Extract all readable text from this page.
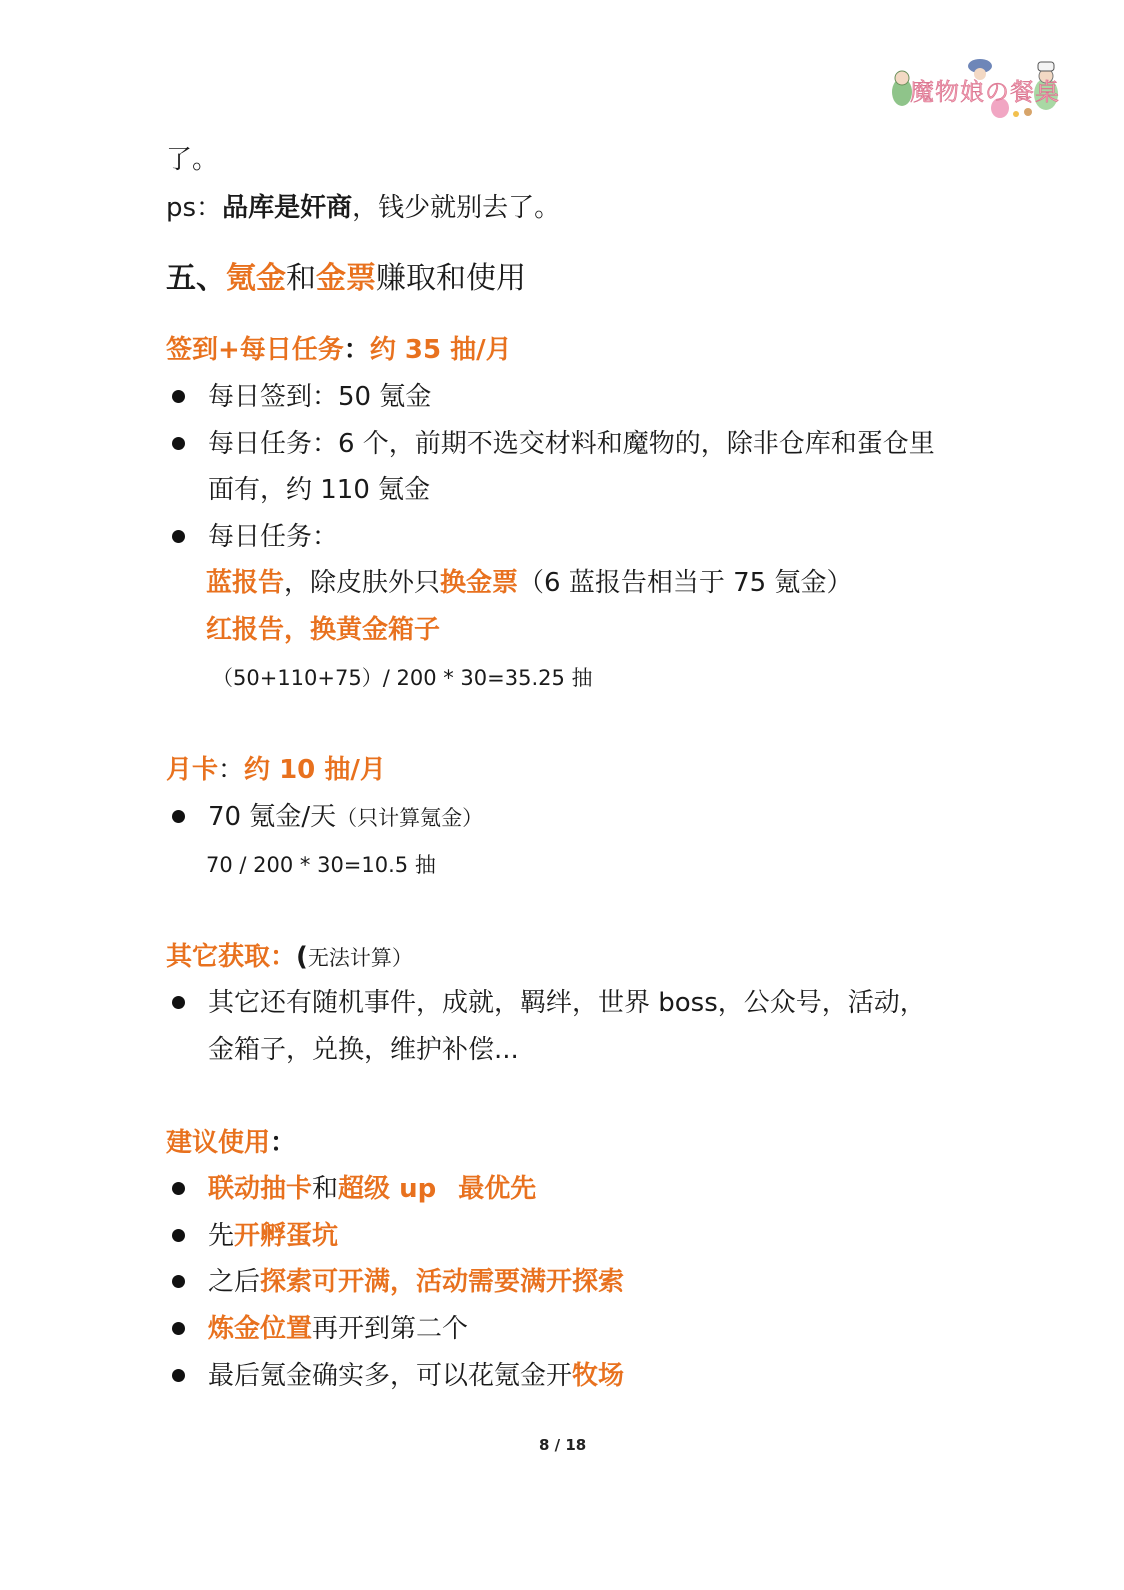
魔物娘の餐桌
了。
ps：品库是奸商，钱少就别去了。
五、氪金和金票赚取和使用
签到+每日任务：约 35 抽/月
每日签到：50 氪金
每日任务：6 个，前期不选交材料和魔物的，除非仓库和蛋仓里
面有，约 110 氪金
每日任务：
蓝报告，除皮肤外只换金票（6 蓝报告相当于 75 氪金）
红报告，换黄金箱子
（50+110+75）/ 200 * 30=35.25 抽
月卡：约 10 抽/月
70 氪金/天（只计算氪金）
70 / 200 * 30=10.5 抽
其它获取：(无法计算）
其它还有随机事件，成就，羁绊，世界 boss，公众号，活动，
金箱子，兑换，维护补偿...
建议使用：
联动抽卡和超级 up 最优先
先开孵蛋坑
之后探索可开满，活动需要满开探索
炼金位置再开到第二个
最后氪金确实多，可以花氪金开牧场
8 / 18
